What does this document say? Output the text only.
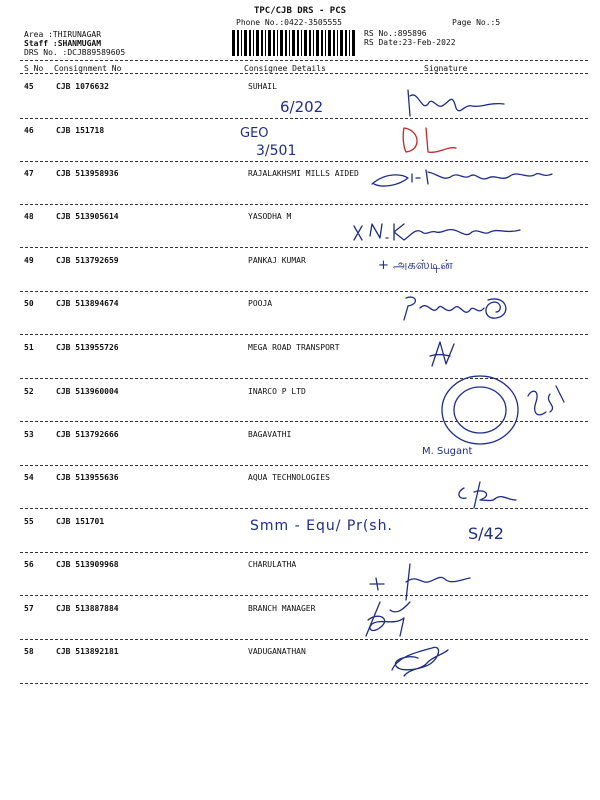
TPC/CJB DRS - PCS
Phone No.:0422-3505555	Page No.:5
Area :THIRUNAGAR
Staff :SHANMUGAM
DRS No. :DCJB89589605
RS No.:895896
RS Date:23-Feb-2022
S No Consignment No	Consignee Details	Signature
45	CJB 1076632	SUHAIL
46	CJB 151718
47	CJB 513958936	RAJALAKHSMI MILLS AIDED
48	CJB 513905614	YASODHA M
49	CJB 513792659	PANKAJ KUMAR
50	CJB 513894674	POOJA
51	CJB 513955726	MEGA ROAD TRANSPORT
52	CJB 513960004	INARCO P LTD
53	CJB 513792666	BAGAVATHI
54	CJB 513955636	AQUA TECHNOLOGIES
55	CJB 151701
56	CJB 513909968	CHARULATHA
57	CJB 513887884	BRANCH MANAGER
58	CJB 513892181	VADUGANATHAN
6/202
GEO
3/501
+ அகஸ்டின்
M. Sugant
Smm - Equ/ Pr(sh.	S/42
